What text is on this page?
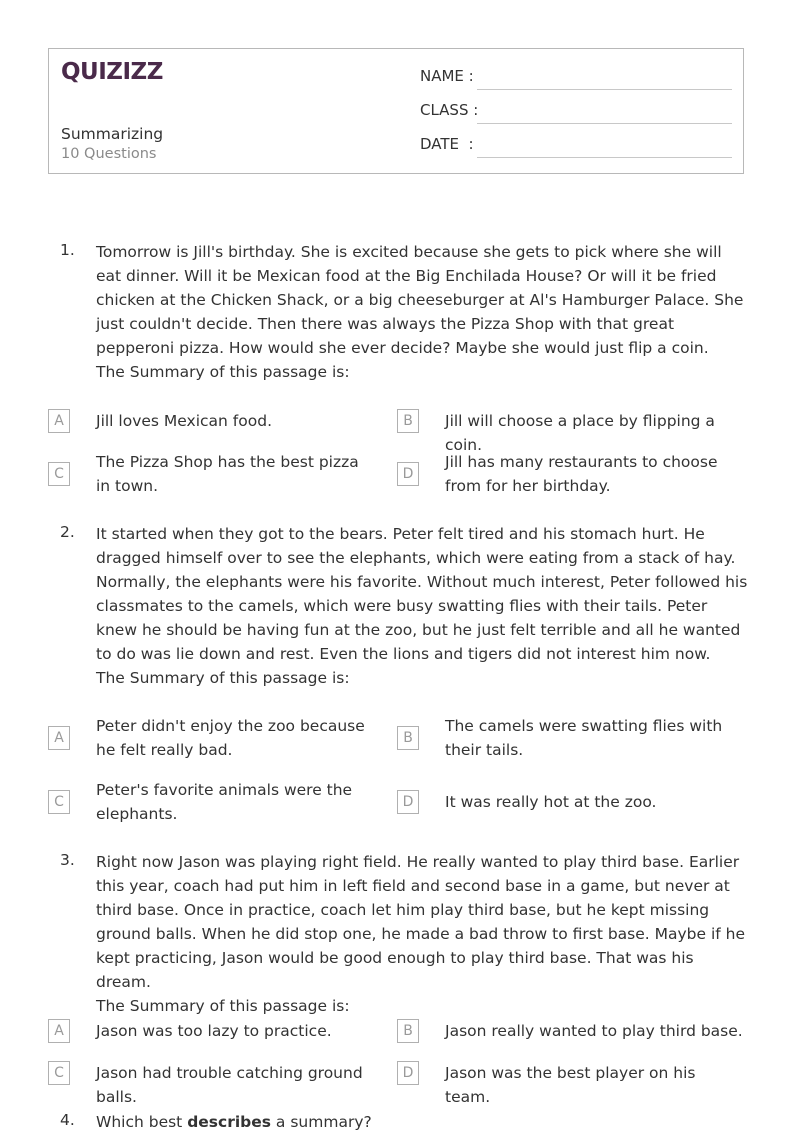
QUIZIZZ
Summarizing
10 Questions
NAME :
CLASS :
DATE  :
1. Tomorrow is Jill's birthday. She is excited because she gets to pick where she will eat dinner. Will it be Mexican food at the Big Enchilada House? Or will it be fried chicken at the Chicken Shack, or a big cheeseburger at Al's Hamburger Palace. She just couldn't decide. Then there was always the Pizza Shop with that great pepperoni pizza. How would she ever decide? Maybe she would just flip a coin.

The Summary of this passage is:

A	Jill loves Mexican food.	B	Jill will choose a place by flipping a coin.
C
The Pizza Shop has the best pizza in town.
D
Jill has many restaurants to choose from for her birthday.
2. It started when they got to the bears. Peter felt tired and his stomach hurt. He dragged himself over to see the elephants, which were eating from a stack of hay. Normally, the elephants were his favorite. Without much interest, Peter followed his classmates to the camels, which were busy swatting flies with their tails. Peter knew he should be having fun at the zoo, but he just felt terrible and all he wanted to do was lie down and rest. Even the lions and tigers did not interest him now.

The Summary of this passage is:

A
Peter didn't enjoy the zoo because he felt really bad.
B
The camels were swatting flies with their tails.
C
Peter's favorite animals were the elephants.
D	It was really hot at the zoo.
3. Right now Jason was playing right field. He really wanted to play third base. Earlier this year, coach had put him in left field and second base in a game, but never at third base. Once in practice, coach let him play third base, but he kept missing ground balls. When he did stop one, he made a bad throw to first base. Maybe if he kept practicing, Jason would be good enough to play third base. That was his dream.

The Summary of this passage is:

A	Jason was too lazy to practice.	B	Jason really wanted to play third base.
C	Jason had trouble catching ground balls.
D	Jason was the best player on his team.
4. Which best describes a summary?
